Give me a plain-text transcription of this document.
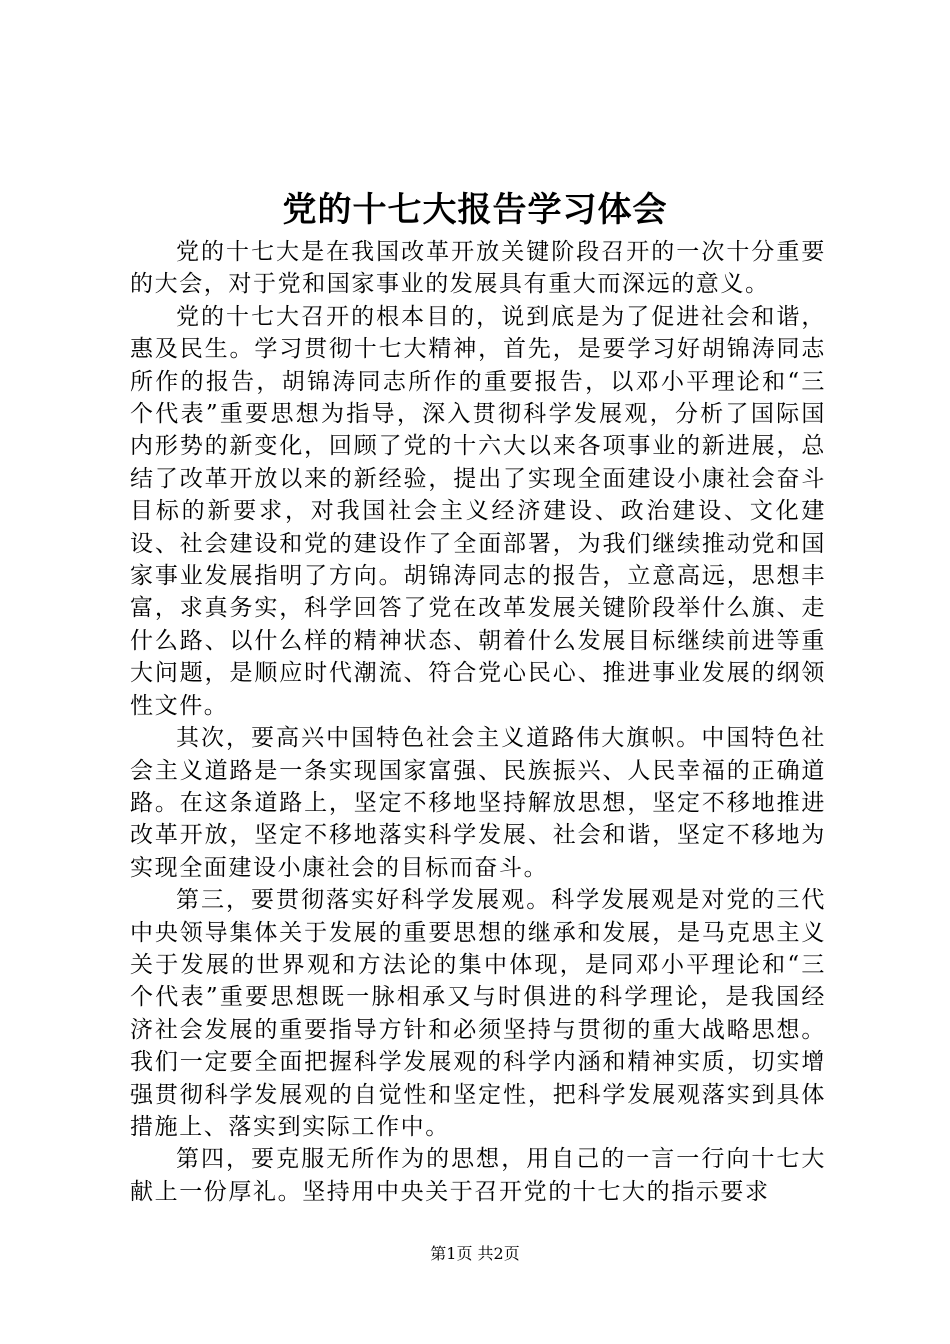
党的十七大报告学习体会

党的十七大是在我国改革开放关键阶段召开的一次十分重要的大会，对于党和国家事业的发展具有重大而深远的意义。

党的十七大召开的根本目的，说到底是为了促进社会和谐，惠及民生。学习贯彻十七大精神，首先，是要学习好胡锦涛同志所作的报告，胡锦涛同志所作的重要报告，以邓小平理论和“三个代表”重要思想为指导，深入贯彻科学发展观，分析了国际国内形势的新变化，回顾了党的十六大以来各项事业的新进展，总结了改革开放以来的新经验，提出了实现全面建设小康社会奋斗目标的新要求，对我国社会主义经济建设、政治建设、文化建设、社会建设和党的建设作了全面部署，为我们继续推动党和国家事业发展指明了方向。胡锦涛同志的报告，立意高远，思想丰富，求真务实，科学回答了党在改革发展关键阶段举什么旗、走什么路、以什么样的精神状态、朝着什么发展目标继续前进等重大问题，是顺应时代潮流、符合党心民心、推进事业发展的纲领性文件。

其次，要高兴中国特色社会主义道路伟大旗帜。中国特色社会主义道路是一条实现国家富强、民族振兴、人民幸福的正确道路。在这条道路上，坚定不移地坚持解放思想，坚定不移地推进改革开放，坚定不移地落实科学发展、社会和谐，坚定不移地为实现全面建设小康社会的目标而奋斗。

第三，要贯彻落实好科学发展观。科学发展观是对党的三代中央领导集体关于发展的重要思想的继承和发展，是马克思主义关于发展的世界观和方法论的集中体现，是同邓小平理论和“三个代表”重要思想既一脉相承又与时俱进的科学理论，是我国经济社会发展的重要指导方针和必须坚持与贯彻的重大战略思想。我们一定要全面把握科学发展观的科学内涵和精神实质，切实增强贯彻科学发展观的自觉性和坚定性，把科学发展观落实到具体措施上、落实到实际工作中。

第四，要克服无所作为的思想，用自己的一言一行向十七大献上一份厚礼。坚持用中央关于召开党的十七大的指示要求

第1页 共2页
